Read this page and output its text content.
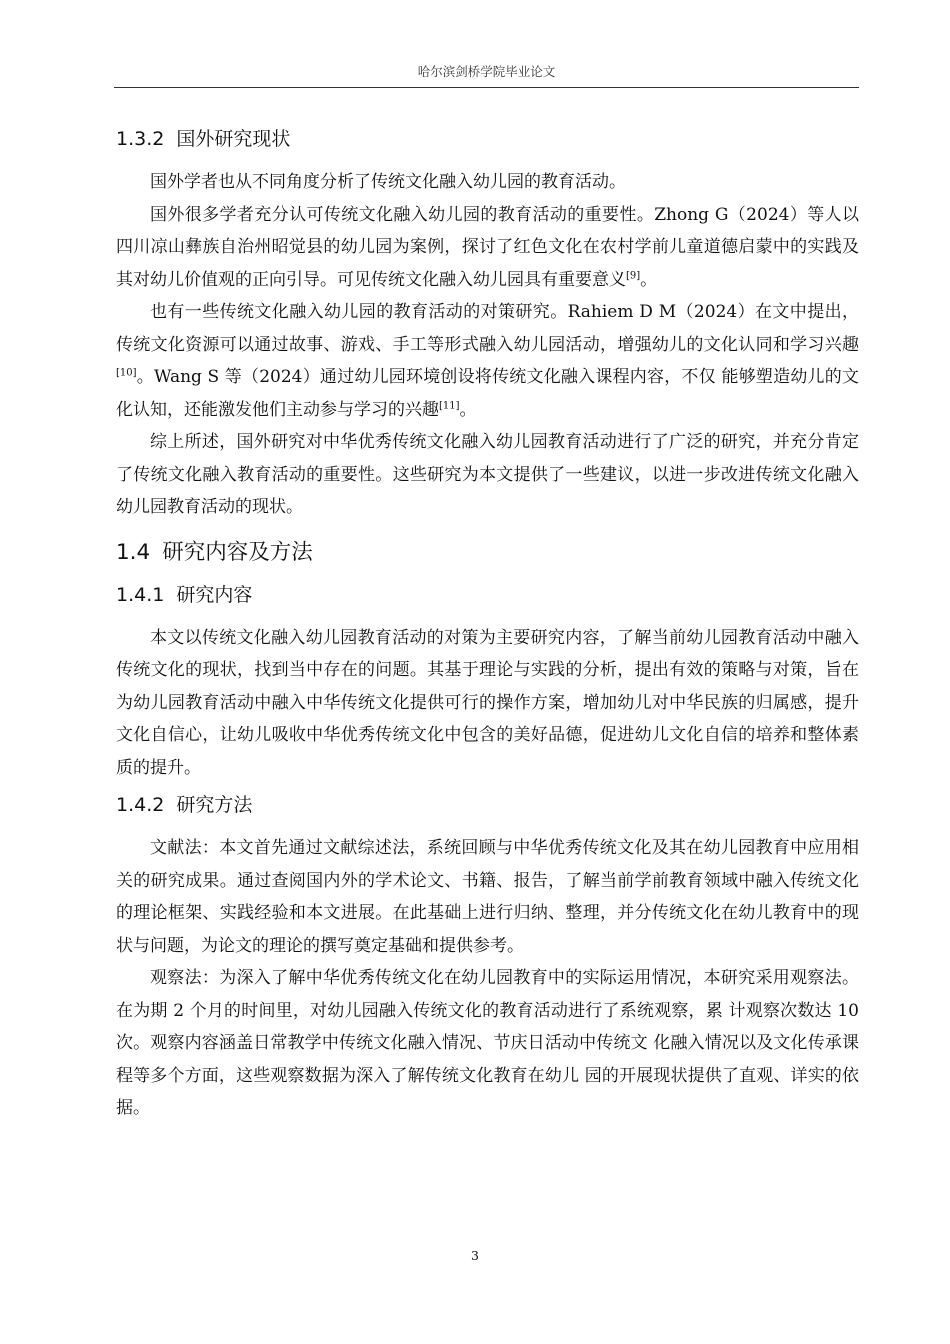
哈尔滨剑桥学院毕业论文
1.3.2 国外研究现状

国外学者也从不同角度分析了传统文化融入幼儿园的教育活动。

国外很多学者充分认可传统文化融入幼儿园的教育活动的重要性。Zhong G（2024）等人以四川凉山彝族自治州昭觉县的幼儿园为案例，探讨了红色文化在农村学前儿童道德启蒙中的实践及其对幼儿价值观的正向引导。可见传统文化融入幼儿园具有重要意义[9]。

也有一些传统文化融入幼儿园的教育活动的对策研究。Rahiem D M（2024）在文中提出，传统文化资源可以通过故事、游戏、手工等形式融入幼儿园活动，增强幼儿的文化认同和学习兴趣[10]。Wang S 等（2024）通过幼儿园环境创设将传统文化融入课程内容，不仅 能够塑造幼儿的文化认知，还能激发他们主动参与学习的兴趣[11]。

综上所述，国外研究对中华优秀传统文化融入幼儿园教育活动进行了广泛的研究，并充分肯定了传统文化融入教育活动的重要性。这些研究为本文提供了一些建议，以进一步改进传统文化融入幼儿园教育活动的现状。

1.4 研究内容及方法
1.4.1 研究内容

本文以传统文化融入幼儿园教育活动的对策为主要研究内容，了解当前幼儿园教育活动中融入传统文化的现状，找到当中存在的问题。其基于理论与实践的分析，提出有效的策略与对策，旨在为幼儿园教育活动中融入中华传统文化提供可行的操作方案，增加幼儿对中华民族的归属感，提升文化自信心，让幼儿吸收中华优秀传统文化中包含的美好品德，促进幼儿文化自信的培养和整体素质的提升。

1.4.2 研究方法

文献法：本文首先通过文献综述法，系统回顾与中华优秀传统文化及其在幼儿园教育中应用相关的研究成果。通过查阅国内外的学术论文、书籍、报告，了解当前学前教育领域中融入传统文化的理论框架、实践经验和本文进展。在此基础上进行归纳、整理，并分传统文化在幼儿教育中的现状与问题，为论文的理论的撰写奠定基础和提供参考。

观察法：为深入了解中华优秀传统文化在幼儿园教育中的实际运用情况，本研究采用观察法。在为期 2 个月的时间里，对幼儿园融入传统文化的教育活动进行了系统观察，累 计观察次数达 10 次。观察内容涵盖日常教学中传统文化融入情况、节庆日活动中传统文 化融入情况以及文化传承课程等多个方面，这些观察数据为深入了解传统文化教育在幼儿 园的开展现状提供了直观、详实的依据。

3
